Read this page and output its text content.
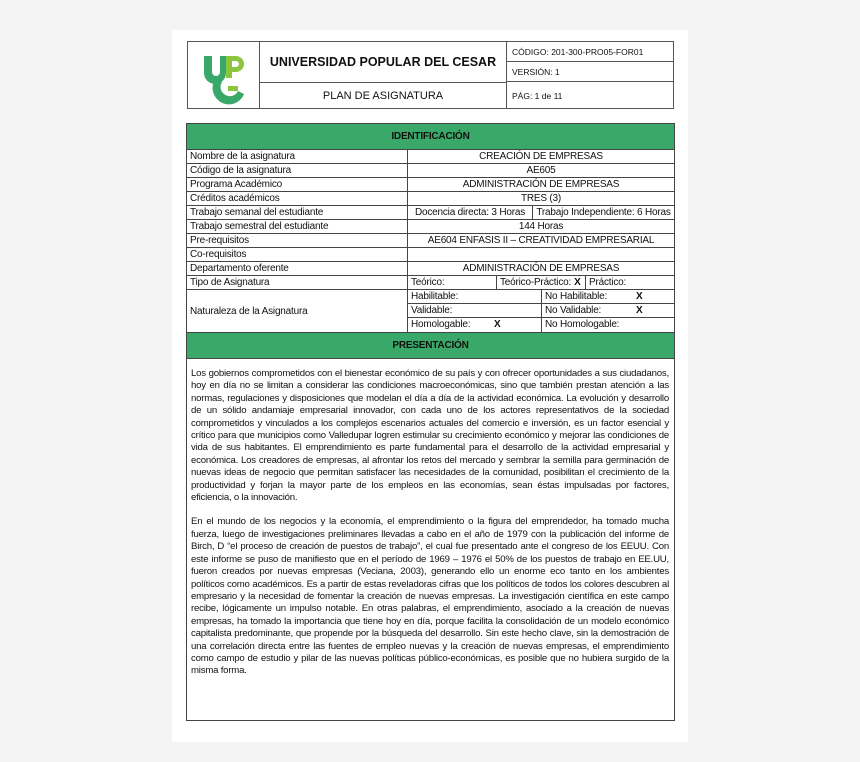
UNIVERSIDAD POPULAR DEL CESAR
PLAN DE ASIGNATURA
CÓDIGO: 201-300-PRO05-FOR01
VERSIÓN: 1
PÁG: 1 de 11
IDENTIFICACIÓN
Nombre de la asignatura	CREACIÓN DE EMPRESAS
Código de la asignatura	AE605
Programa Académico	ADMINISTRACIÓN DE EMPRESAS
Créditos académicos	TRES (3)
Trabajo semanal del estudiante	Docencia directa: 3 Horas	Trabajo Independiente: 6 Horas
Trabajo semestral del estudiante	144 Horas
Pre-requisitos	AE604 ENFASIS II – CREATIVIDAD EMPRESARIAL
Co-requisitos
Departamento oferente	ADMINISTRACIÓN DE EMPRESAS
Tipo de Asignatura	Teórico:	Teórico-Práctico: X Práctico:
Naturaleza de la Asignatura
Habilitable:	No Habilitable:	X
Validable:	No Validable:	X
Homologable: X	No Homologable:
PRESENTACIÓN

Los gobiernos comprometidos con el bienestar económico de su país y con ofrecer oportunidades a sus ciudadanos, hoy en día no se limitan a considerar las condiciones macroeconómicas, sino que también prestan atención a las normas, regulaciones y disposiciones que modelan el día a día de la actividad económica. La evolución y desarrollo de un sólido andamiaje empresarial innovador, con cada uno de los actores representativos de la sociedad comprometidos y vinculados a los complejos escenarios actuales del comercio e inversión, es un factor esencial y crítico para que municipios como Valledupar logren estimular su crecimiento económico y mejorar las condiciones de vida de sus habitantes. El emprendimiento es parte fundamental para el desarrollo de la actividad empresarial y económica. Los creadores de empresas, al afrontar los retos del mercado y sembrar la semilla para germinación de nuevas ideas de negocio que permitan satisfacer las necesidades de la comunidad, posibilitan el crecimiento de la productividad y forjan la mayor parte de los empleos en las economías, sean éstas impulsadas por factores, eficiencia, o la innovación.

En el mundo de los negocios y la economía, el emprendimiento o la figura del emprendedor, ha tomado mucha fuerza, luego de investigaciones preliminares llevadas a cabo en el año de 1979 con la publicación del informe de Birch, D “el proceso de creación de puestos de trabajo”, el cual fue presentado ante el congreso de los EEUU. Con este informe se puso de manifiesto que en el período de 1969 – 1976 el 50% de los puestos de trabajo en EE.UU, fueron creados por nuevas empresas (Veciana, 2003), generando ello un enorme eco tanto en los ambientes políticos como académicos. Es a partir de estas reveladoras cifras que los políticos de todos los colores descubren al empresario y la necesidad de fomentar la creación de nuevas empresas. La investigación científica en este campo recibe, lógicamente un impulso notable. En otras palabras, el emprendimiento, asociado a la creación de nuevas empresas, ha tomado la importancia que tiene hoy en día, porque facilita la consolidación de un modelo económico capitalista predominante, que propende por la búsqueda del desarrollo. Sin este hecho clave, sin la demostración de una correlación directa entre las fuentes de empleo nuevas y la creación de nuevas empresas, el emprendimiento como campo de estudio y pilar de las nuevas políticas público-económicas, es posible que no hubiera surgido de la misma forma.
